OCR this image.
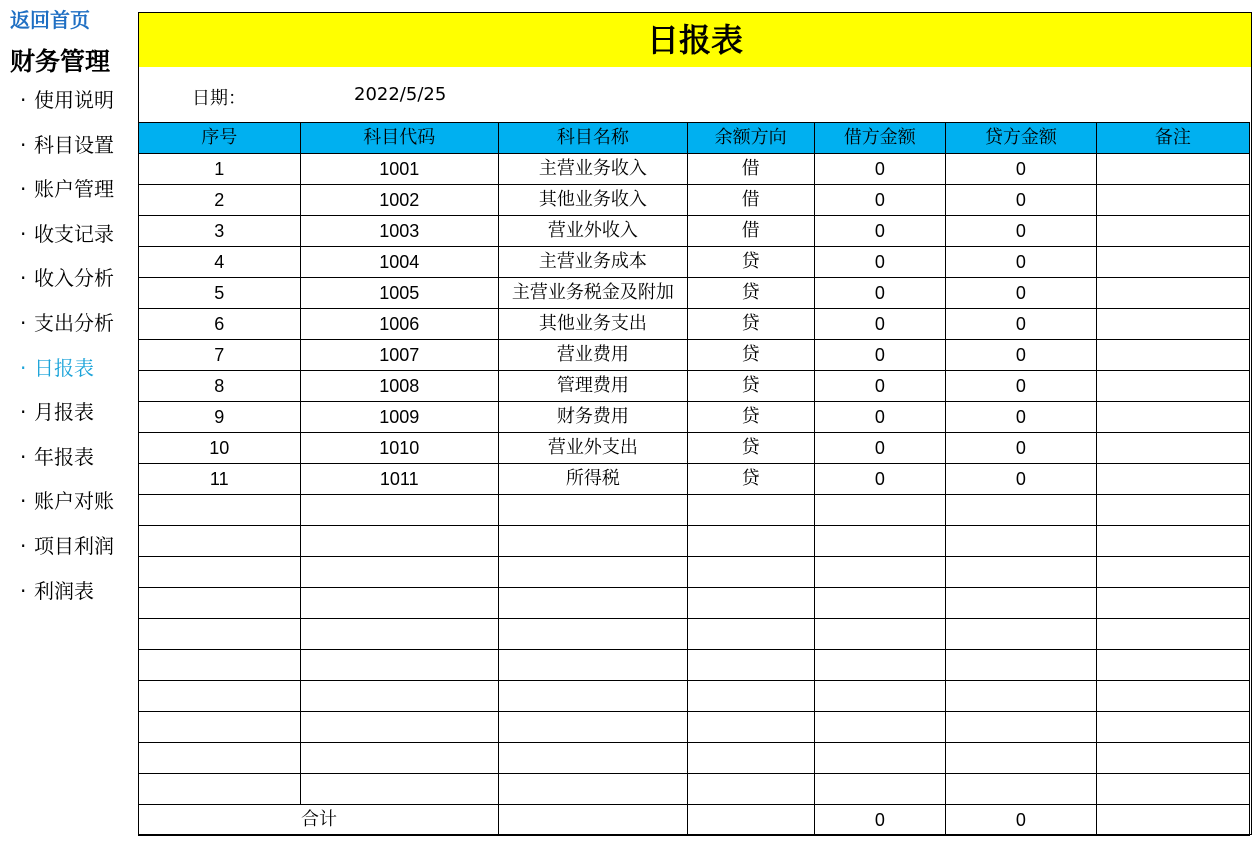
返回首页
财务管理
· 使用说明
· 科目设置
· 账户管理
· 收支记录
· 收入分析
· 支出分析
· 日报表
· 月报表
· 年报表
· 账户对账
· 项目利润
· 利润表
日报表
日期：	2022/5/25
序号	科目代码	科目名称	余额方向	借方金额	贷方金额	备注
1	1001	主营业务收入	借	0	0	
2	1002	其他业务收入	借	0	0	
3	1003	营业外收入	借	0	0	
4	1004	主营业务成本	贷	0	0	
5	1005	主营业务税金及附加	贷	0	0	
6	1006	其他业务支出	贷	0	0	
7	1007	营业费用	贷	0	0	
8	1008	管理费用	贷	0	0	
9	1009	财务费用	贷	0	0	
10	1010	营业外支出	贷	0	0	
11	1011	所得税	贷	0	0	

合计				0	0	
